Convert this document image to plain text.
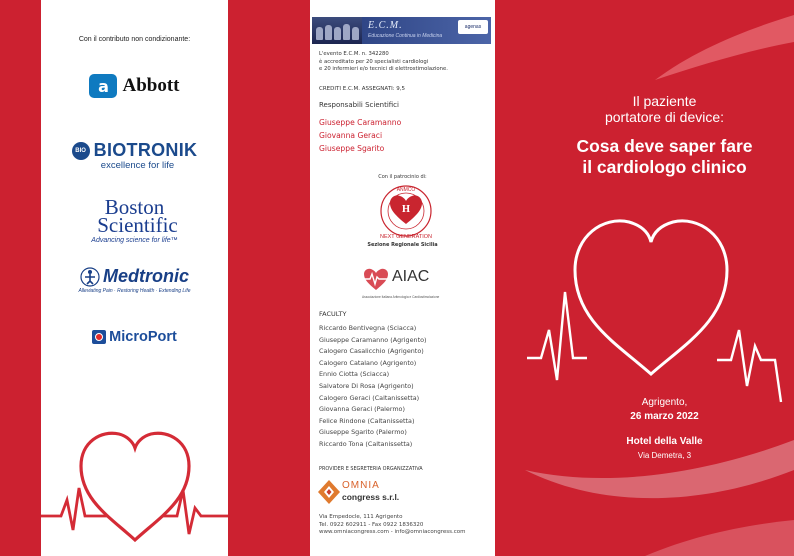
Con il contributo non condizionante:
a Abbott
BIO BIOTRONIK
excellence for life
Boston
Scientific
Advancing science for life™
Medtronic
Alleviating Pain · Restoring Health · Extending Life
MicroPort
E.C.M.
Educazione Continua in Medicina
agenas
L'evento E.C.M. n. 342280
è accreditato per 20 specialisti cardiologi
e 20 infermieri e/o tecnici di elettrostimolazione.
CREDITI E.C.M. ASSEGNATI: 9,5
Responsabili Scientifici
Giuseppe Caramanno
Giovanna Geraci
Giuseppe Sgarito
Con il patrocinio di:
H
ANMCO
NEXT GENERATION
Sezione Regionale Sicilia
AIAC
Associazione Italiana Aritmologia e Cardiostimolazione
FACULTY
Riccardo Bentivegna (Sciacca)
Giuseppe Caramanno (Agrigento)
Calogero Casalicchio (Agrigento)
Calogero Catalano (Agrigento)
Ennio Ciotta (Sciacca)
Salvatore Di Rosa (Agrigento)
Calogero Geraci (Caltanissetta)
Giovanna Geraci (Palermo)
Felice Rindone (Caltanissetta)
Giuseppe Sgarito (Palermo)
Riccardo Tona (Caltanissetta)
PROVIDER E SEGRETERIA ORGANIZZATIVA
OMNIA
congress s.r.l.
Via Empedocle, 111 Agrigento
Tel. 0922 602911 - Fax 0922 1836320
www.omniacongress.com - info@omniacongress.com
Il paziente
portatore di device:
Cosa deve saper fare
il cardiologo clinico
Agrigento,
26 marzo 2022
Hotel della Valle
Via Demetra, 3
